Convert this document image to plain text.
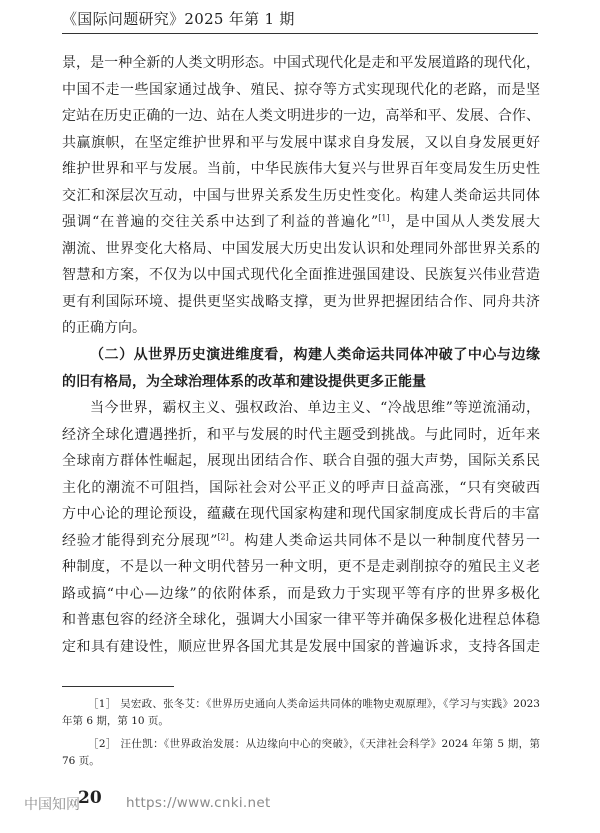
《国际问题研究》2025 年第 1 期
景，是一种全新的人类文明形态。中国式现代化是走和平发展道路的现代化，
中国不走一些国家通过战争、殖民、掠夺等方式实现现代化的老路，而是坚
定站在历史正确的一边、站在人类文明进步的一边，高举和平、发展、合作、
共赢旗帜，在坚定维护世界和平与发展中谋求自身发展，又以自身发展更好
维护世界和平与发展。当前，中华民族伟大复兴与世界百年变局发生历史性
交汇和深层次互动，中国与世界关系发生历史性变化。构建人类命运共同体
强调“在普遍的交往关系中达到了利益的普遍化”[1]，是中国从人类发展大
潮流、世界变化大格局、中国发展大历史出发认识和处理同外部世界关系的
智慧和方案，不仅为以中国式现代化全面推进强国建设、民族复兴伟业营造
更有利国际环境、提供更坚实战略支撑，更为世界把握团结合作、同舟共济
的正确方向。
（二）从世界历史演进维度看，构建人类命运共同体冲破了中心与边缘
的旧有格局，为全球治理体系的改革和建设提供更多正能量
当今世界，霸权主义、强权政治、单边主义、“冷战思维”等逆流涌动，
经济全球化遭遇挫折，和平与发展的时代主题受到挑战。与此同时，近年来
全球南方群体性崛起，展现出团结合作、联合自强的强大声势，国际关系民
主化的潮流不可阻挡，国际社会对公平正义的呼声日益高涨，“只有突破西
方中心论的理论预设，蕴藏在现代国家构建和现代国家制度成长背后的丰富
经验才能得到充分展现”[2]。构建人类命运共同体不是以一种制度代替另一
种制度，不是以一种文明代替另一种文明，更不是走剥削掠夺的殖民主义老
路或搞“中心—边缘”的依附体系，而是致力于实现平等有序的世界多极化
和普惠包容的经济全球化，强调大小国家一律平等并确保多极化进程总体稳
定和具有建设性，顺应世界各国尤其是发展中国家的普遍诉求，支持各国走
［1］ 吴宏政、张冬艾：《世界历史通向人类命运共同体的唯物史观原理》，《学习与实践》2023 年第 6 期，第 10 页。
［2］ 汪仕凯：《世界政治发展：从边缘向中心的突破》，《天津社会科学》2024 年第 5 期，第 76 页。
中国知网
20 https://www.cnki.net
